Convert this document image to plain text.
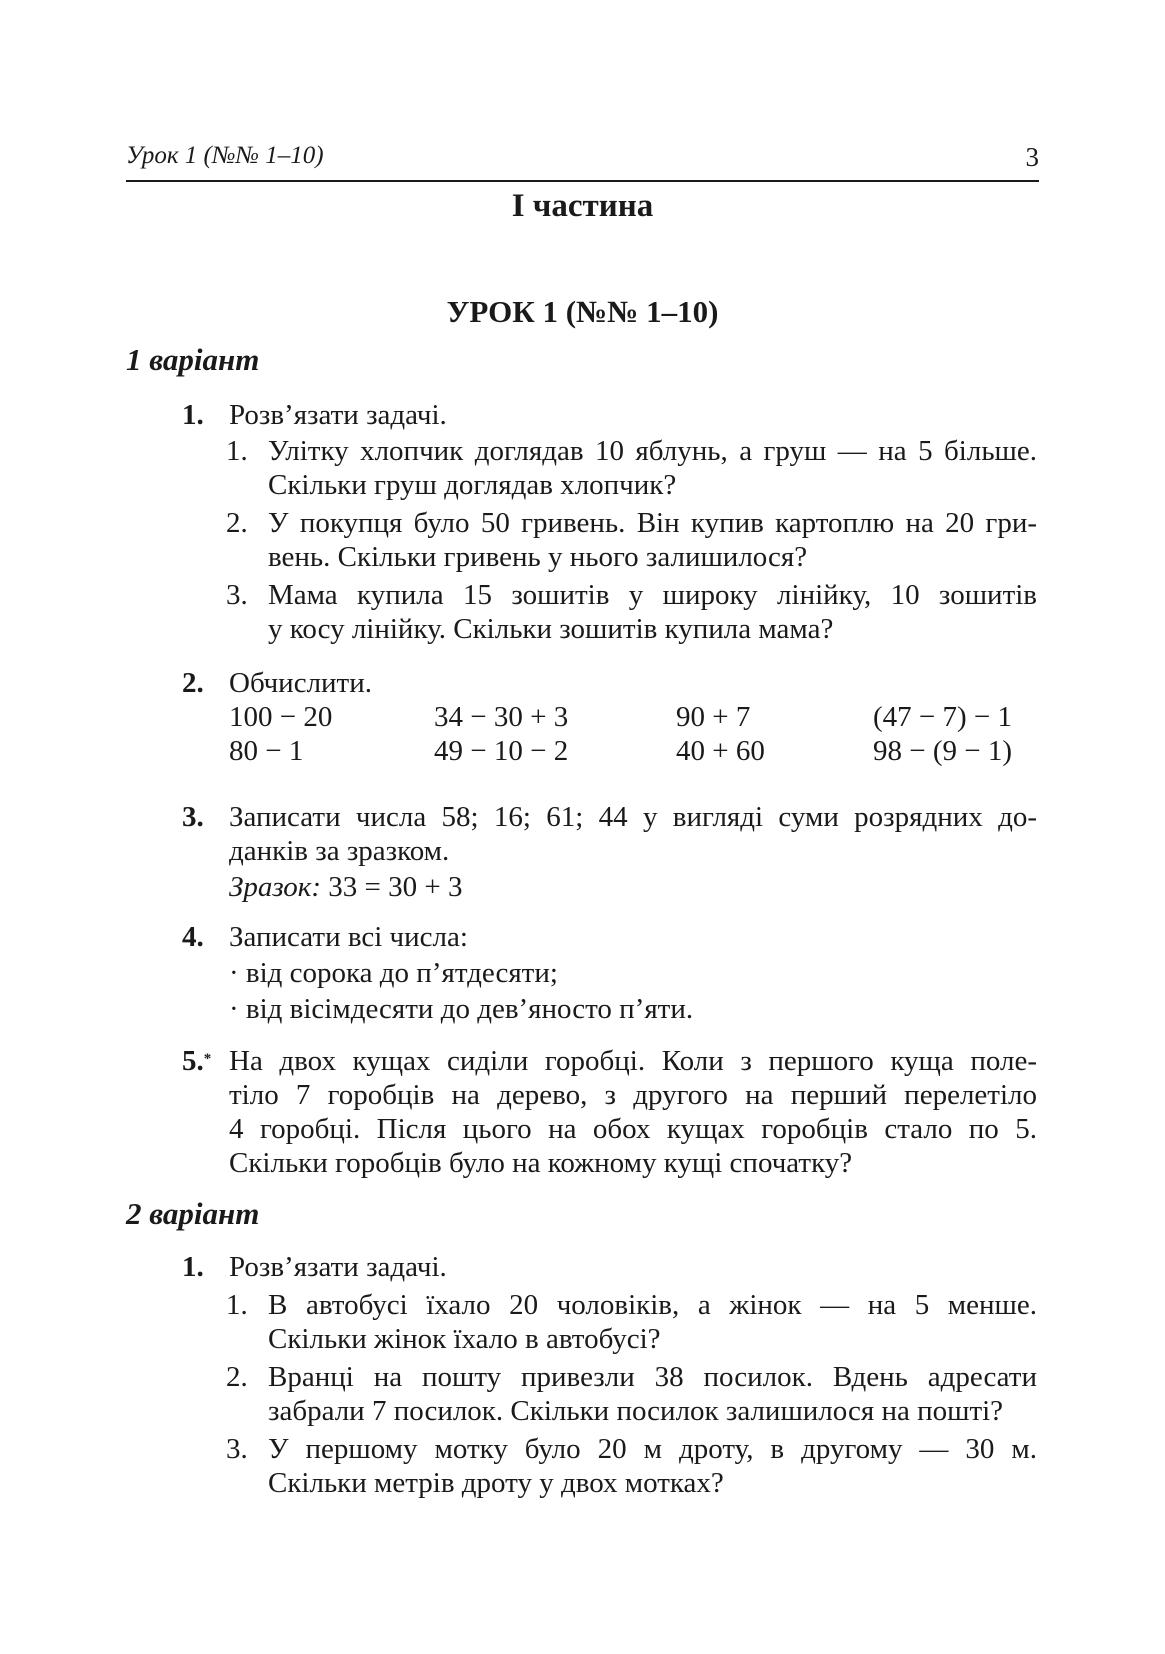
Урок 1 (№№ 1–10)	3
І частина
УРОК 1 (№№ 1–10)
1 варіант
1. Розв’язати задачі.
1. Улітку хлопчик доглядав 10 яблунь, а груш — на 5 більше.
Скільки груш доглядав хлопчик?
2. У покупця було 50 гривень. Він купив картоплю на 20 гри-
вень. Скільки гривень у нього залишилося?
3. Мама купила 15 зошитів у широку лінійку, 10 зошитів
у косу лінійку. Скільки зошитів купила мама?
2. Обчислити.
100 − 20	34 − 30 + 3	90 + 7	(47 − 7) − 1
80 − 1	49 − 10 − 2	40 + 60	98 − (9 − 1)
3. Записати числа 58; 16; 61; 44 у вигляді суми розрядних до-
данків за зразком.
Зразок: 33 = 30 + 3
4. Записати всі числа:
· від сорока до п’ятдесяти;
· від вісімдесяти до дев’яносто п’яти.
5.* На двох кущах сиділи горобці. Коли з першого куща поле-
тіло 7 горобців на дерево, з другого на перший перелетіло
4 горобці. Після цього на обох кущах горобців стало по 5.
Скільки горобців було на кожному кущі спочатку?
2 варіант
1. Розв’язати задачі.
1. В автобусі їхало 20 чоловіків, а жінок — на 5 менше.
Скільки жінок їхало в автобусі?
2. Вранці на пошту привезли 38 посилок. Вдень адресати
забрали 7 посилок. Скільки посилок залишилося на пошті?
3. У першому мотку було 20 м дроту, в другому — 30 м.
Скільки метрів дроту у двох мотках?
